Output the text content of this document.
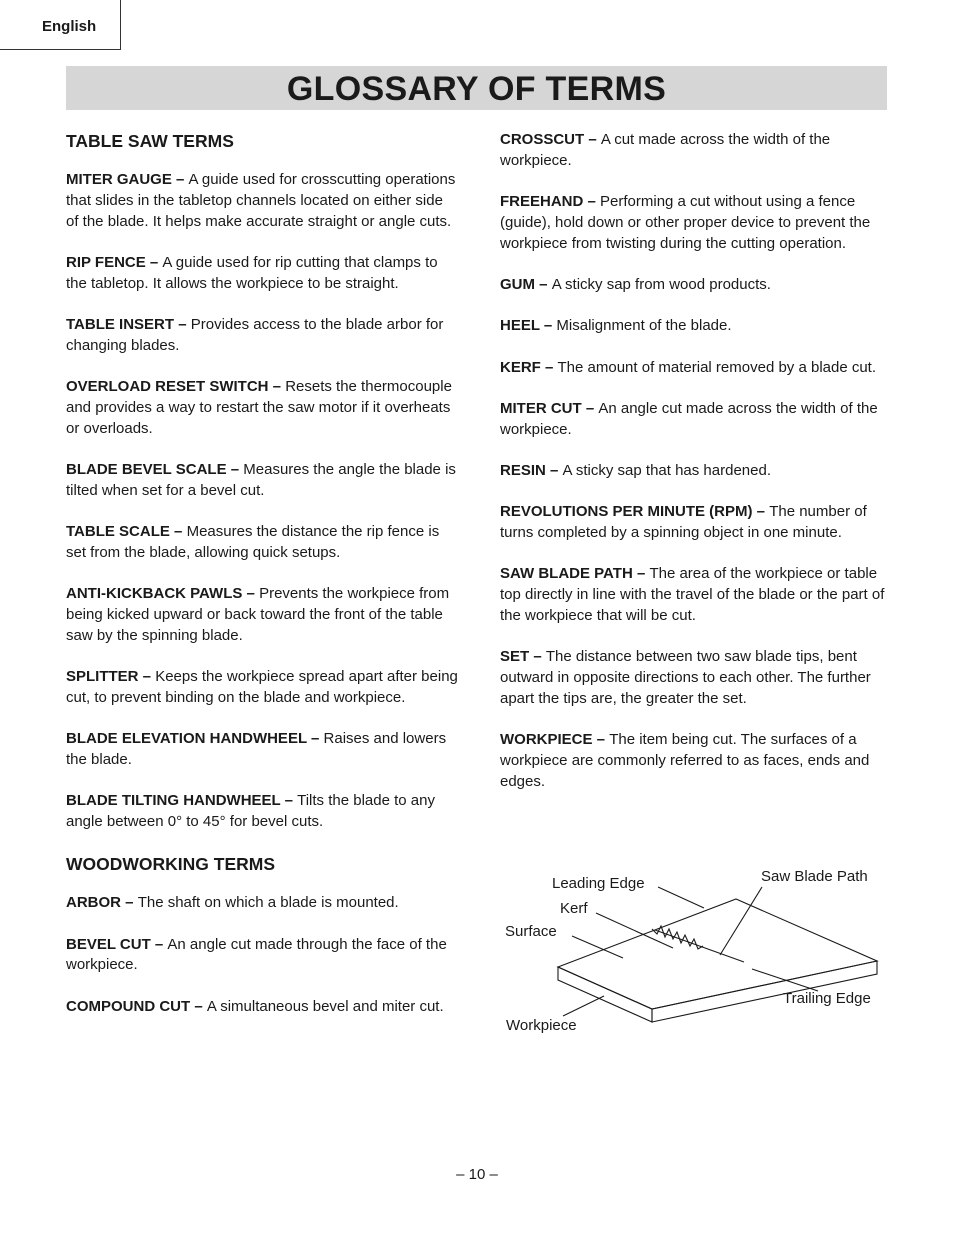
English
GLOSSARY OF TERMS

TABLE SAW TERMS

MITER GAUGE – A guide used for crosscutting operations that slides in the tabletop channels located on either side of the blade. It helps make accurate straight or angle cuts.

RIP FENCE – A guide used for rip cutting that clamps to the tabletop. It allows the workpiece to be straight.

TABLE INSERT – Provides access to the blade arbor for changing blades.

OVERLOAD RESET SWITCH – Resets the thermocouple and provides a way to restart the saw motor if it overheats or overloads.

BLADE BEVEL SCALE – Measures the angle the blade is tilted when set for a bevel cut.

TABLE SCALE – Measures the distance the rip fence is set from the blade, allowing quick setups.

ANTI-KICKBACK PAWLS – Prevents the workpiece from being kicked upward or back toward the front of the table saw by the spinning blade.

SPLITTER – Keeps the workpiece spread apart after being cut, to prevent binding on the blade and workpiece.

BLADE ELEVATION HANDWHEEL – Raises and lowers the blade.

BLADE TILTING HANDWHEEL – Tilts the blade to any angle between 0° to 45° for bevel cuts.

WOODWORKING TERMS

ARBOR – The shaft on which a blade is mounted.

BEVEL CUT – An angle cut made through the face of the workpiece.

COMPOUND CUT – A simultaneous bevel and miter cut.

CROSSCUT – A cut made across the width of the workpiece.

FREEHAND – Performing a cut without using a fence (guide), hold down or other proper device to prevent the workpiece from twisting during the cutting operation.

GUM – A sticky sap from wood products.

HEEL – Misalignment of the blade.

KERF – The amount of material removed by a blade cut.

MITER CUT – An angle cut made across the width of the workpiece.

RESIN – A sticky sap that has hardened.

REVOLUTIONS PER MINUTE (RPM) – The number of turns completed by a spinning object in one minute.

SAW BLADE PATH – The area of the workpiece or table top directly in line with the travel of the blade or the part of the workpiece that will be cut.

SET – The distance between two saw blade tips, bent outward in opposite directions to each other. The further apart the tips are, the greater the set.

WORKPIECE – The item being cut. The surfaces of a workpiece are commonly referred to as faces, ends and edges.

Leading Edge	Saw Blade Path
Kerf
Surface
Trailing Edge
Workpiece
– 10 –
